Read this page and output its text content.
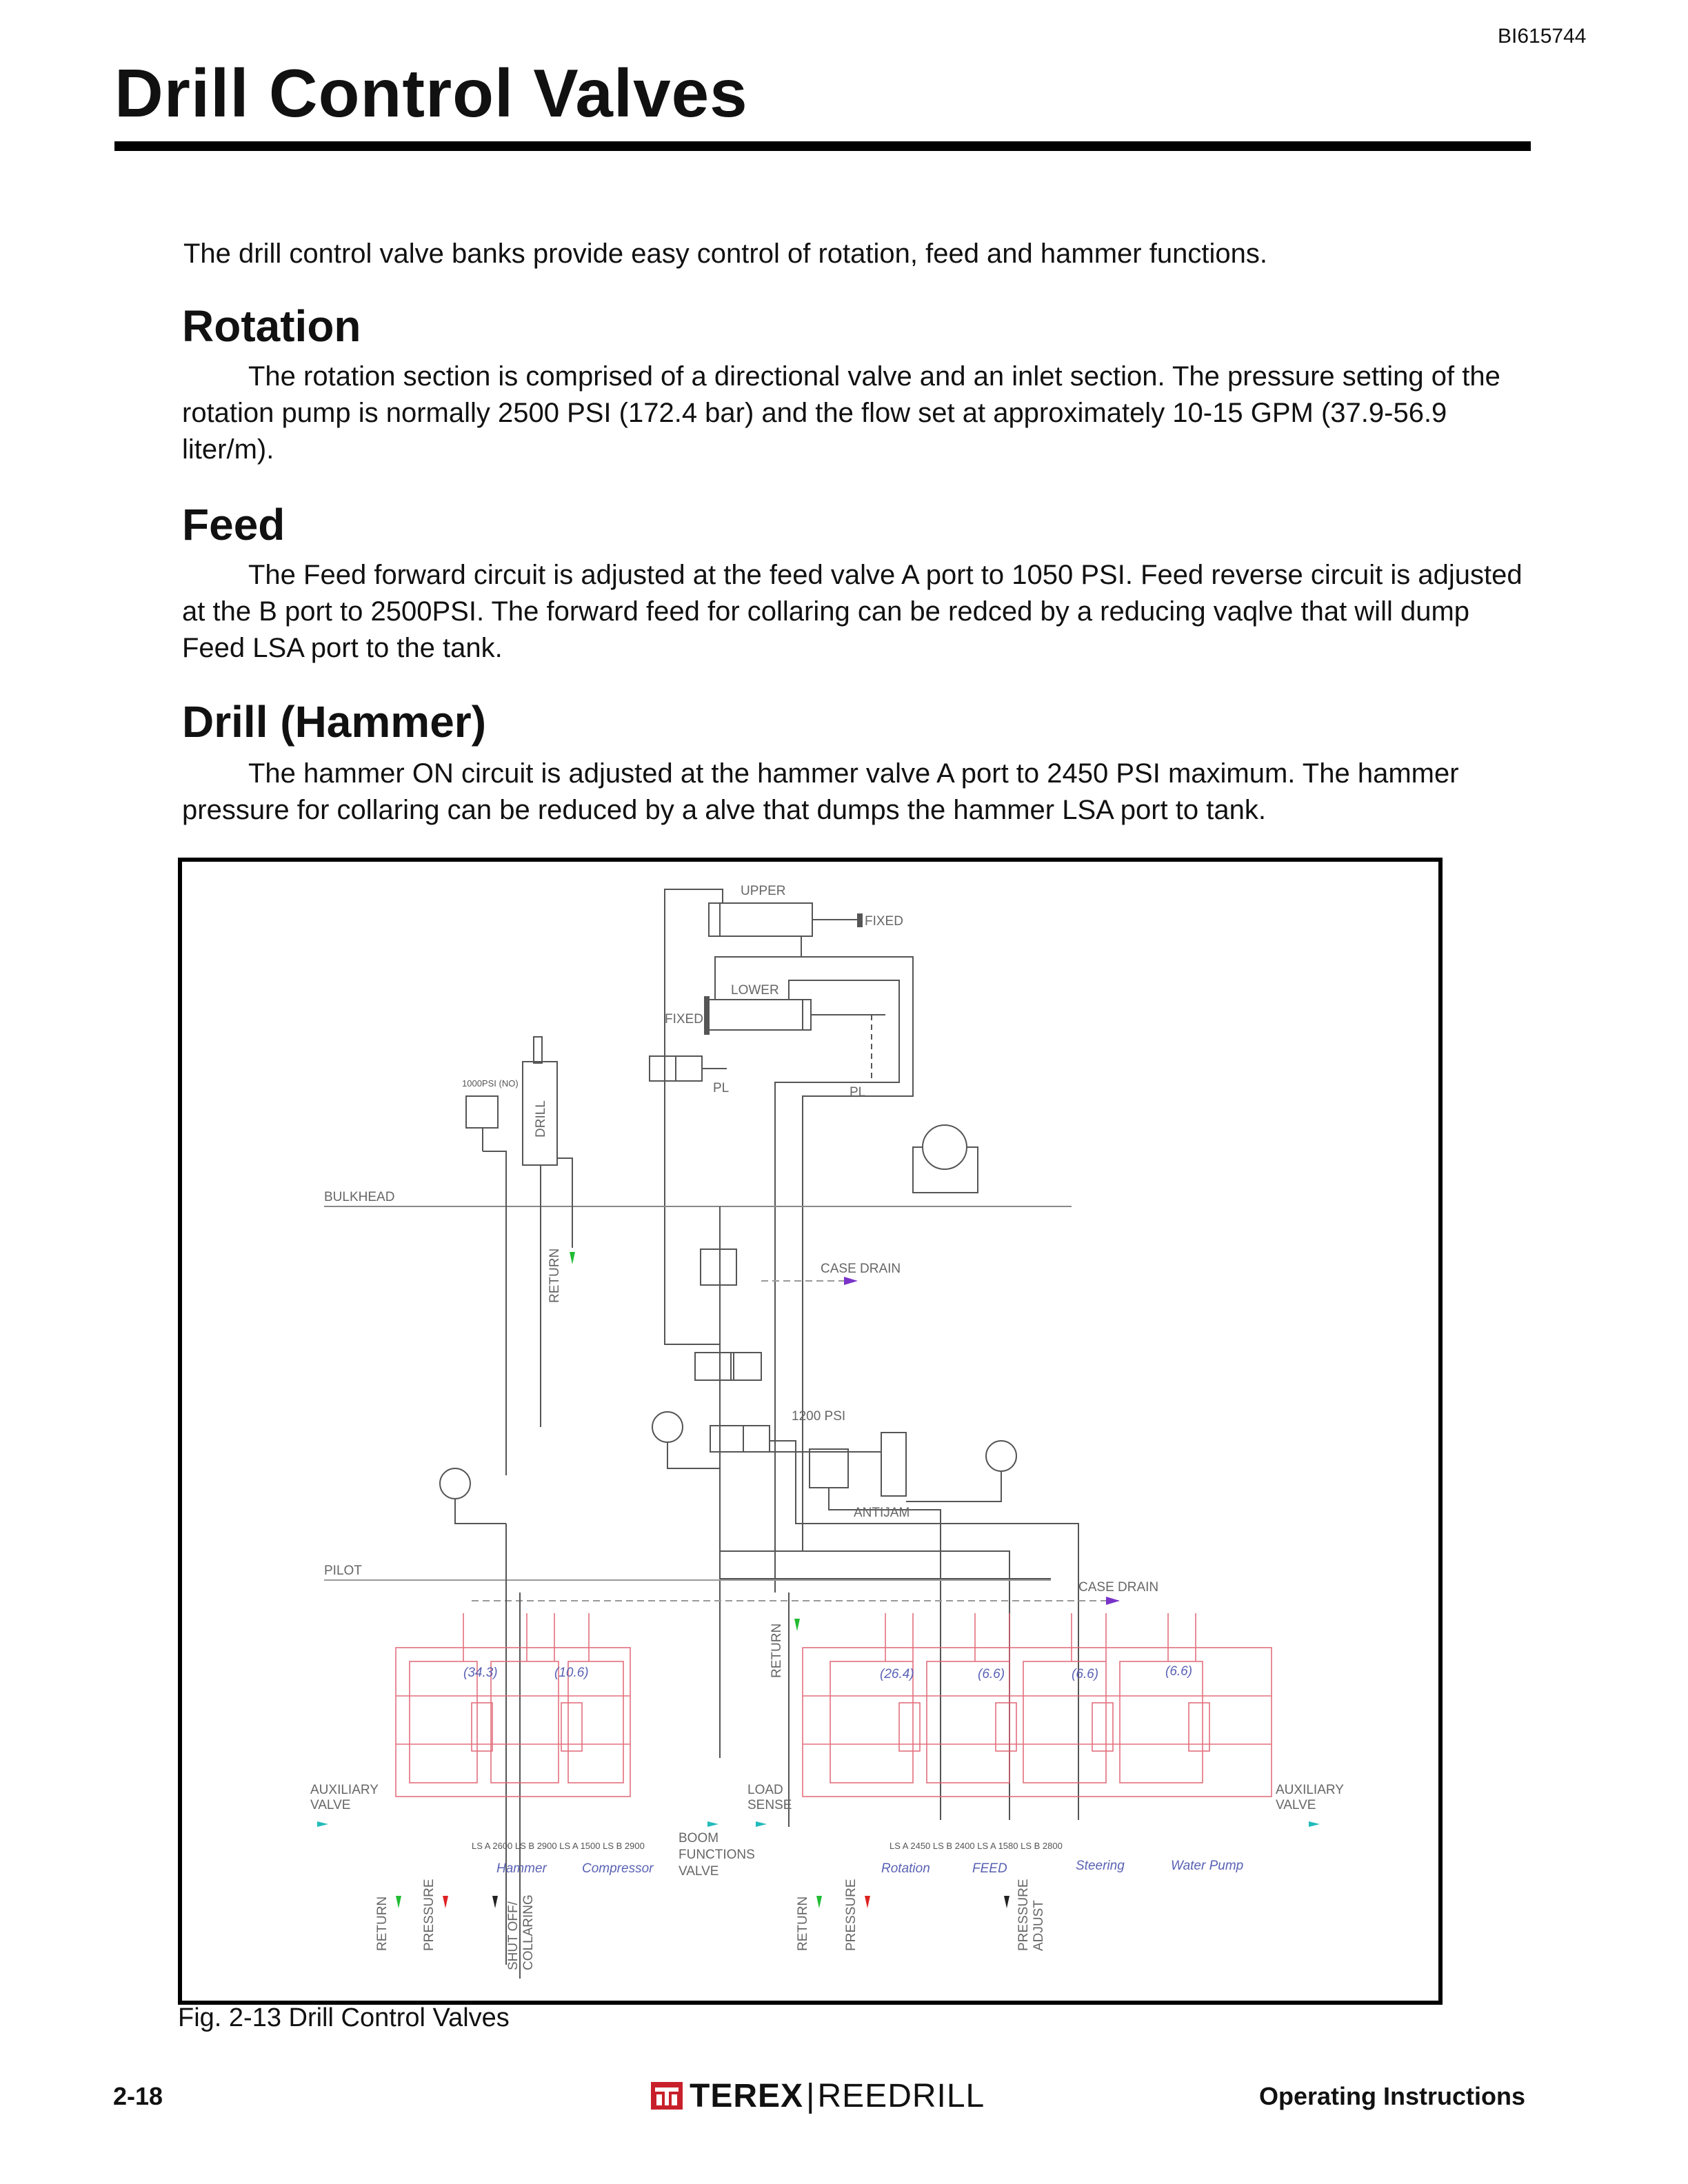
BI615744
Drill Control Valves

The drill control valve banks provide easy control of rotation, feed and hammer functions.

Rotation

The rotation section is comprised of a directional valve and an inlet section. The pressure setting of the rotation pump is normally 2500 PSI (172.4 bar) and the flow set at approximately 10-15 GPM (37.9-56.9 liter/m).

Feed

The Feed forward circuit is adjusted at the feed valve A port to 1050 PSI. Feed reverse circuit is adjusted at the B port to 2500PSI. The forward feed for collaring can be redced by a reducing vaqlve that will dump Feed LSA port to the tank.

Drill (Hammer)

The hammer ON circuit is adjusted at the hammer valve A port to 2450 PSI maximum. The hammer pressure for collaring can be reduced by a alve that dumps the hammer LSA port to tank.

UPPER
FIXED
LOWER
FIXED
PL	PL
1000PSI (NO)
DRILL
BULKHEAD
RETURN	CASE DRAIN
1200 PSI
ANTIJAM
PILOT
CASE DRAIN
RETURN
AUXILIARY
VALVE
AUXILIARY
VALVE
LOAD
SENSE
BOOM
FUNCTIONS
VALVE
LS A 2600 LS B 2900 LS A 1500 LS B 2900	LS A 2450 LS B 2400 LS A 1580 LS B 2800
(34.3)	(10.6)	(26.4)	(6.6)	(6.6)	(6.6)
Hammer	Compressor	Rotation	FEED	Steering	Water Pump
RETURN PRESSURE	SHUT OFF/ COLLARING	RETURN	PRESSURE	PRESSURE ADJUST
Fig. 2-13 Drill Control Valves
2-18	TEREX | REEDRILL	Operating Instructions
